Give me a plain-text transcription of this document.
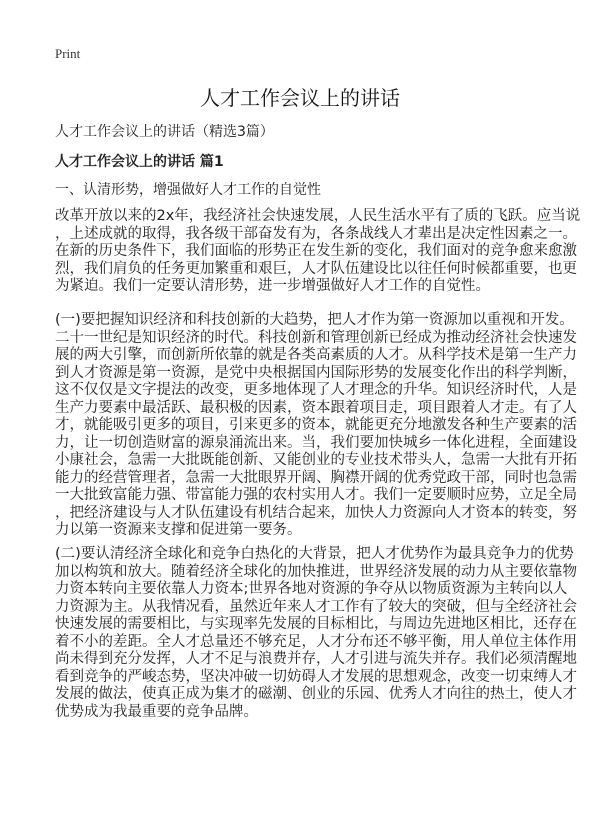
Print
人才工作会议上的讲话
人才工作会议上的讲话（精选3篇）
人才工作会议上的讲话 篇1
一、认清形势，增强做好人才工作的自觉性
改革开放以来的2x年，我经济社会快速发展，人民生活水平有了质的飞跃。应当说
，上述成就的取得，我各级干部奋发有为，各条战线人才辈出是决定性因素之一。
在新的历史条件下，我们面临的形势正在发生新的变化，我们面对的竞争愈来愈激
烈，我们肩负的任务更加繁重和艰巨，人才队伍建设比以往任何时候都重要，也更
为紧迫。我们一定要认清形势，进一步增强做好人才工作的自觉性。
(一)要把握知识经济和科技创新的大趋势，把人才作为第一资源加以重视和开发。
二十一世纪是知识经济的时代。科技创新和管理创新已经成为推动经济社会快速发
展的两大引擎，而创新所依靠的就是各类高素质的人才。从科学技术是第一生产力
到人才资源是第一资源，是党中央根据国内国际形势的发展变化作出的科学判断，
这不仅仅是文字提法的改变，更多地体现了人才理念的升华。知识经济时代，人是
生产力要素中最活跃、最积极的因素，资本跟着项目走，项目跟着人才走。有了人
才，就能吸引更多的项目，引来更多的资本，就能更充分地激发各种生产要素的活
力，让一切创造财富的源泉涌流出来。当，我们要加快城乡一体化进程，全面建设
小康社会，急需一大批既能创新、又能创业的专业技术带头人，急需一大批有开拓
能力的经营管理者，急需一大批眼界开阔、胸襟开阔的优秀党政干部，同时也急需
一大批致富能力强、带富能力强的农村实用人才。我们一定要顺时应势，立足全局
，把经济建设与人才队伍建设有机结合起来，加快人力资源向人才资本的转变，努
力以第一资源来支撑和促进第一要务。
(二)要认清经济全球化和竞争白热化的大背景，把人才优势作为最具竞争力的优势
加以构筑和放大。随着经济全球化的加快推进，世界经济发展的动力从主要依靠物
力资本转向主要依靠人力资本;世界各地对资源的争夺从以物质资源为主转向以人
力资源为主。从我情况看，虽然近年来人才工作有了较大的突破，但与全经济社会
快速发展的需要相比，与实现率先发展的目标相比，与周边先进地区相比，还存在
着不小的差距。全人才总量还不够充足，人才分布还不够平衡，用人单位主体作用
尚未得到充分发挥，人才不足与浪费并存，人才引进与流失并存。我们必须清醒地
看到竞争的严峻态势，坚决冲破一切妨碍人才发展的思想观念，改变一切束缚人才
发展的做法，使真正成为集才的磁潮、创业的乐园、优秀人才向往的热土，使人才
优势成为我最重要的竞争品牌。
